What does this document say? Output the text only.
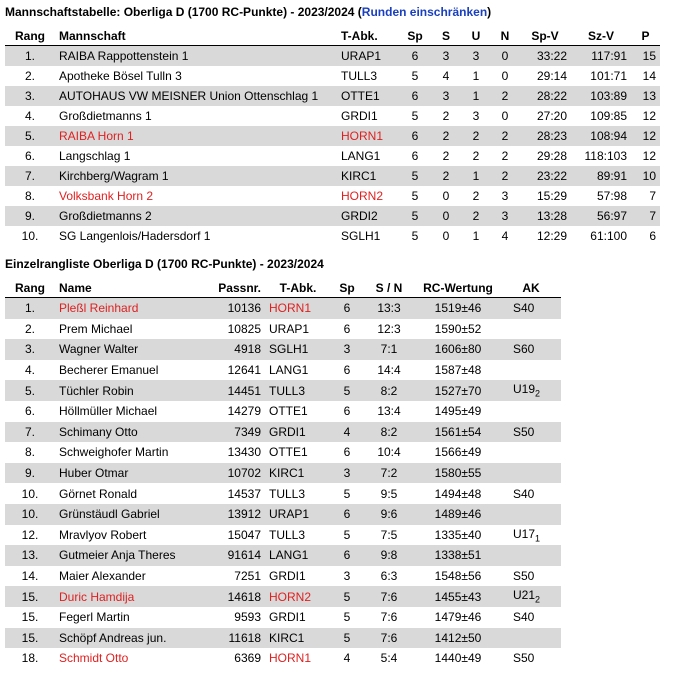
Mannschaftstabelle: Oberliga D (1700 RC-Punkte) - 2023/2024 (Runden einschränken)
Rang	Mannschaft	T-Abk.	Sp	S	U	N	Sp-V	Sz-V	P
1.	RAIBA Rappottenstein 1	URAP1	6	3	3	0	33:22	117:91	15
2.	Apotheke Bösel Tulln 3	TULL3	5	4	1	0	29:14	101:71	14
3.	AUTOHAUS VW MEISNER Union Ottenschlag 1	OTTE1	6	3	1	2	28:22	103:89	13
4.	Großdietmanns 1	GRDI1	5	2	3	0	27:20	109:85	12
5.	RAIBA Horn 1	HORN1	6	2	2	2	28:23	108:94	12
6.	Langschlag 1	LANG1	6	2	2	2	29:28	118:103	12
7.	Kirchberg/Wagram 1	KIRC1	5	2	1	2	23:22	89:91	10
8.	Volksbank Horn 2	HORN2	5	0	2	3	15:29	57:98	7
9.	Großdietmanns 2	GRDI2	5	0	2	3	13:28	56:97	7
10.	SG Langenlois/Hadersdorf 1	SGLH1	5	0	1	4	12:29	61:100	6
Einzelrangliste Oberliga D (1700 RC-Punkte) - 2023/2024
Rang	Name	Passnr.	T-Abk.	Sp	S / N	RC-Wertung	AK
1.	Pleßl Reinhard	10136	HORN1	6	13:3	1519±46	S40
2.	Prem Michael	10825	URAP1	6	12:3	1590±52	
3.	Wagner Walter	4918	SGLH1	3	7:1	1606±80	S60
4.	Becherer Emanuel	12641	LANG1	6	14:4	1587±48	
5.	Tüchler Robin	14451	TULL3	5	8:2	1527±70	$U19_2$
6.	Höllmüller Michael	14279	OTTE1	6	13:4	1495±49	
7.	Schimany Otto	7349	GRDI1	4	8:2	1561±54	S50
8.	Schweighofer Martin	13430	OTTE1	6	10:4	1566±49	
9.	Huber Otmar	10702	KIRC1	3	7:2	1580±55	
10.	Görnet Ronald	14537	TULL3	5	9:5	1494±48	S40
10.	Grünstäudl Gabriel	13912	URAP1	6	9:6	1489±46	
12.	Mravlyov Robert	15047	TULL3	5	7:5	1335±40	$U17_1$
13.	Gutmeier Anja Theres	91614	LANG1	6	9:8	1338±51	
14.	Maier Alexander	7251	GRDI1	3	6:3	1548±56	S50
15.	Duric Hamdija	14618	HORN2	5	7:6	1455±43	$U21_2$
15.	Fegerl Martin	9593	GRDI1	5	7:6	1479±46	S40
15.	Schöpf Andreas jun.	11618	KIRC1	5	7:6	1412±50	
18.	Schmidt Otto	6369	HORN1	4	5:4	1440±49	S50
